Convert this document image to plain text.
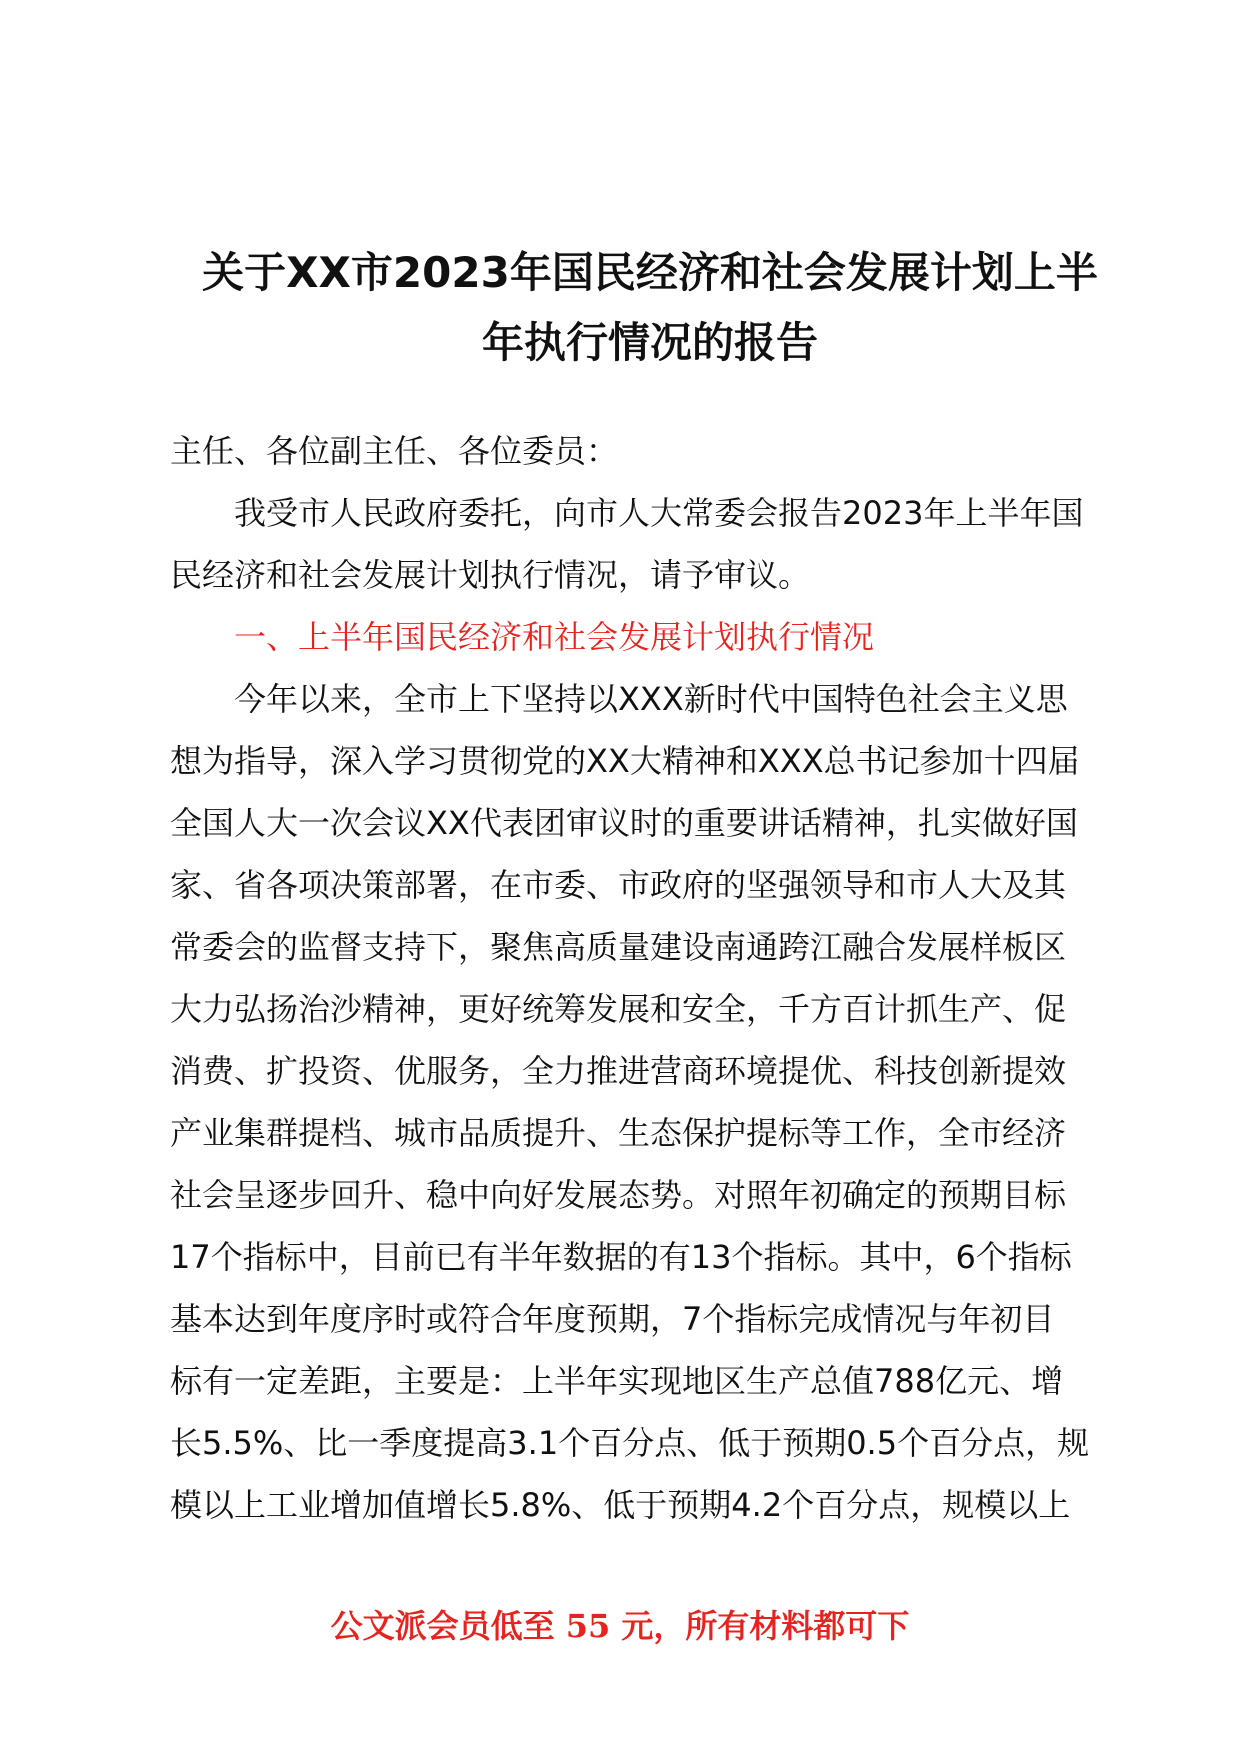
关于XX市2023年国民经济和社会发展计划上半
年执行情况的报告
主任、各位副主任、各位委员：
我受市人民政府委托，向市人大常委会报告2023年上半年国
民经济和社会发展计划执行情况，请予审议。
一、上半年国民经济和社会发展计划执行情况
今年以来，全市上下坚持以XXX新时代中国特色社会主义思
想为指导，深入学习贯彻党的XX大精神和XXX总书记参加十四届
全国人大一次会议XX代表团审议时的重要讲话精神，扎实做好国
家、省各项决策部署，在市委、市政府的坚强领导和市人大及其
常委会的监督支持下，聚焦高质量建设南通跨江融合发展样板区
大力弘扬治沙精神，更好统筹发展和安全，千方百计抓生产、促
消费、扩投资、优服务，全力推进营商环境提优、科技创新提效
产业集群提档、城市品质提升、生态保护提标等工作，全市经济
社会呈逐步回升、稳中向好发展态势。对照年初确定的预期目标
17个指标中，目前已有半年数据的有13个指标。其中，6个指标
基本达到年度序时或符合年度预期，7个指标完成情况与年初目
标有一定差距，主要是：上半年实现地区生产总值788亿元、增
长5.5%、比一季度提高3.1个百分点、低于预期0.5个百分点，规
模以上工业增加值增长5.8%、低于预期4.2个百分点，规模以上
公文派会员低至 55 元，所有材料都可下
